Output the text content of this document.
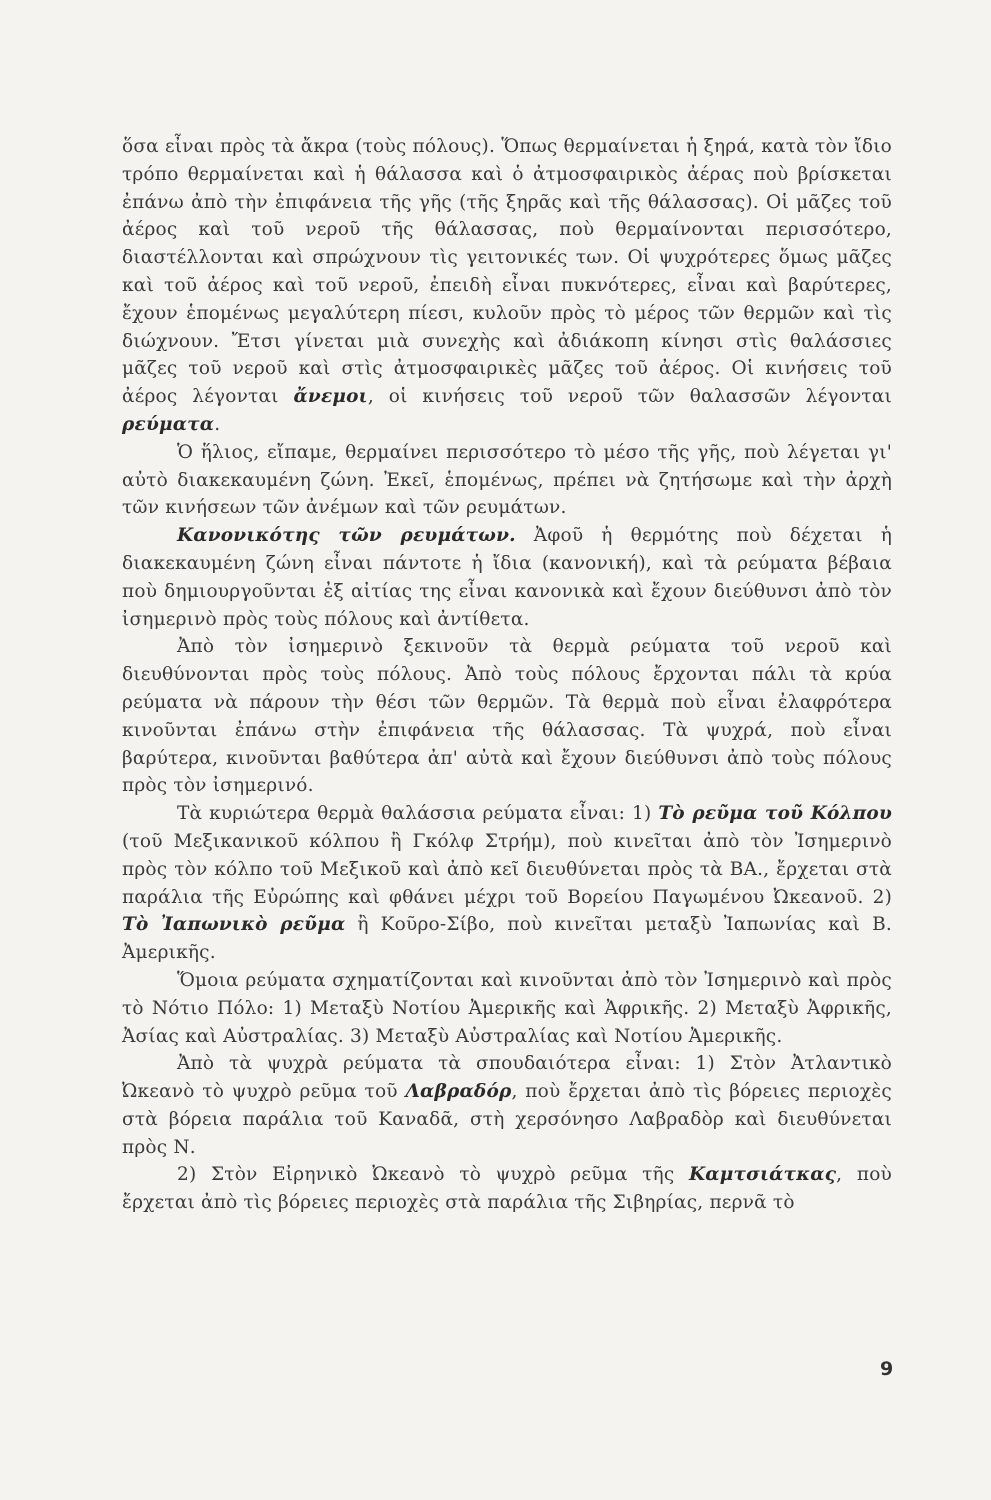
ὅσα εἶναι πρὸς τὰ ἄκρα (τοὺς πόλους). Ὅπως θερμαίνεται ἡ ξηρά, κατὰ τὸν ἴδιο τρόπο θερμαίνεται καὶ ἡ θάλασσα καὶ ὁ ἀτμοσφαιρικὸς ἀέρας ποὺ βρίσκεται ἐπάνω ἀπὸ τὴν ἐπιφάνεια τῆς γῆς (τῆς ξηρᾶς καὶ τῆς θάλασσας). Οἱ μᾶζες τοῦ ἀέρος καὶ τοῦ νεροῦ τῆς θάλασσας, ποὺ θερμαίνονται περισσότερο, διαστέλλονται καὶ σπρώχνουν τὶς γειτονικές των. Οἱ ψυχρότερες ὅμως μᾶζες καὶ τοῦ ἀέρος καὶ τοῦ νεροῦ, ἐπειδὴ εἶναι πυκνότερες, εἶναι καὶ βαρύτερες, ἔχουν ἑπομένως μεγαλύτερη πίεσι, κυλοῦν πρὸς τὸ μέρος τῶν θερμῶν καὶ τὶς διώχνουν. Ἔτσι γίνεται μιὰ συνεχὴς καὶ ἀδιάκοπη κίνησι στὶς θαλάσσιες μᾶζες τοῦ νεροῦ καὶ στὶς ἀτμοσφαιρικὲς μᾶζες τοῦ ἀέρος. Οἱ κινήσεις τοῦ ἀέρος λέγονται ἄνεμοι, οἱ κινήσεις τοῦ νεροῦ τῶν θαλασσῶν λέγονται ρεύματα.

Ὁ ἥλιος, εἴπαμε, θερμαίνει περισσότερο τὸ μέσο τῆς γῆς, ποὺ λέγεται γι' αὐτὸ διακεκαυμένη ζώνη. Ἐκεῖ, ἑπομένως, πρέπει νὰ ζητήσωμε καὶ τὴν ἀρχὴ τῶν κινήσεων τῶν ἀνέμων καὶ τῶν ρευμάτων.

Κανονικότης τῶν ρευμάτων. Ἀφοῦ ἡ θερμότης ποὺ δέχεται ἡ διακεκαυμένη ζώνη εἶναι πάντοτε ἡ ἴδια (κανονική), καὶ τὰ ρεύματα βέβαια ποὺ δημιουργοῦνται ἐξ αἰτίας της εἶναι κανονικὰ καὶ ἔχουν διεύθυνσι ἀπὸ τὸν ἰσημερινὸ πρὸς τοὺς πόλους καὶ ἀντίθετα.

Ἀπὸ τὸν ἰσημερινὸ ξεκινοῦν τὰ θερμὰ ρεύματα τοῦ νεροῦ καὶ διευθύνονται πρὸς τοὺς πόλους. Ἀπὸ τοὺς πόλους ἔρχονται πάλι τὰ κρύα ρεύματα νὰ πάρουν τὴν θέσι τῶν θερμῶν. Τὰ θερμὰ ποὺ εἶναι ἐλαφρότερα κινοῦνται ἐπάνω στὴν ἐπιφάνεια τῆς θάλασσας. Τὰ ψυχρά, ποὺ εἶναι βαρύτερα, κινοῦνται βαθύτερα ἀπ' αὐτὰ καὶ ἔχουν διεύθυνσι ἀπὸ τοὺς πόλους πρὸς τὸν ἰσημερινό.

Τὰ κυριώτερα θερμὰ θαλάσσια ρεύματα εἶναι: 1) Τὸ ρεῦμα τοῦ Κόλπου (τοῦ Μεξικανικοῦ κόλπου ἢ Γκόλφ Στρήμ), ποὺ κινεῖται ἀπὸ τὸν Ἰσημερινὸ πρὸς τὸν κόλπο τοῦ Μεξικοῦ καὶ ἀπὸ κεῖ διευθύνεται πρὸς τὰ ΒΑ., ἔρχεται στὰ παράλια τῆς Εὐρώπης καὶ φθάνει μέχρι τοῦ Βορείου Παγωμένου Ὠκεανοῦ. 2) Τὸ Ἰαπωνικὸ ρεῦμα ἢ Κοῦρο-Σίβο, ποὺ κινεῖται μεταξὺ Ἰαπωνίας καὶ Β. Ἀμερικῆς.

Ὅμοια ρεύματα σχηματίζονται καὶ κινοῦνται ἀπὸ τὸν Ἰσημερινὸ καὶ πρὸς τὸ Νότιο Πόλο: 1) Μεταξὺ Νοτίου Ἀμερικῆς καὶ Ἀφρικῆς. 2) Μεταξὺ Ἀφρικῆς, Ἀσίας καὶ Αὐστραλίας. 3) Μεταξὺ Αὐστραλίας καὶ Νοτίου Ἀμερικῆς.

Ἀπὸ τὰ ψυχρὰ ρεύματα τὰ σπουδαιότερα εἶναι: 1) Στὸν Ἀτλαντικὸ Ὠκεανὸ τὸ ψυχρὸ ρεῦμα τοῦ Λαβραδόρ, ποὺ ἔρχεται ἀπὸ τὶς βόρειες περιοχὲς στὰ βόρεια παράλια τοῦ Καναδᾶ, στὴ χερσόνησο Λαβραδὸρ καὶ διευθύνεται πρὸς Ν.

2) Στὸν Εἰρηνικὸ Ὠκεανὸ τὸ ψυχρὸ ρεῦμα τῆς Καμτσιάτκας, ποὺ ἔρχεται ἀπὸ τὶς βόρειες περιοχὲς στὰ παράλια τῆς Σιβηρίας, περνᾶ τὸ

9
